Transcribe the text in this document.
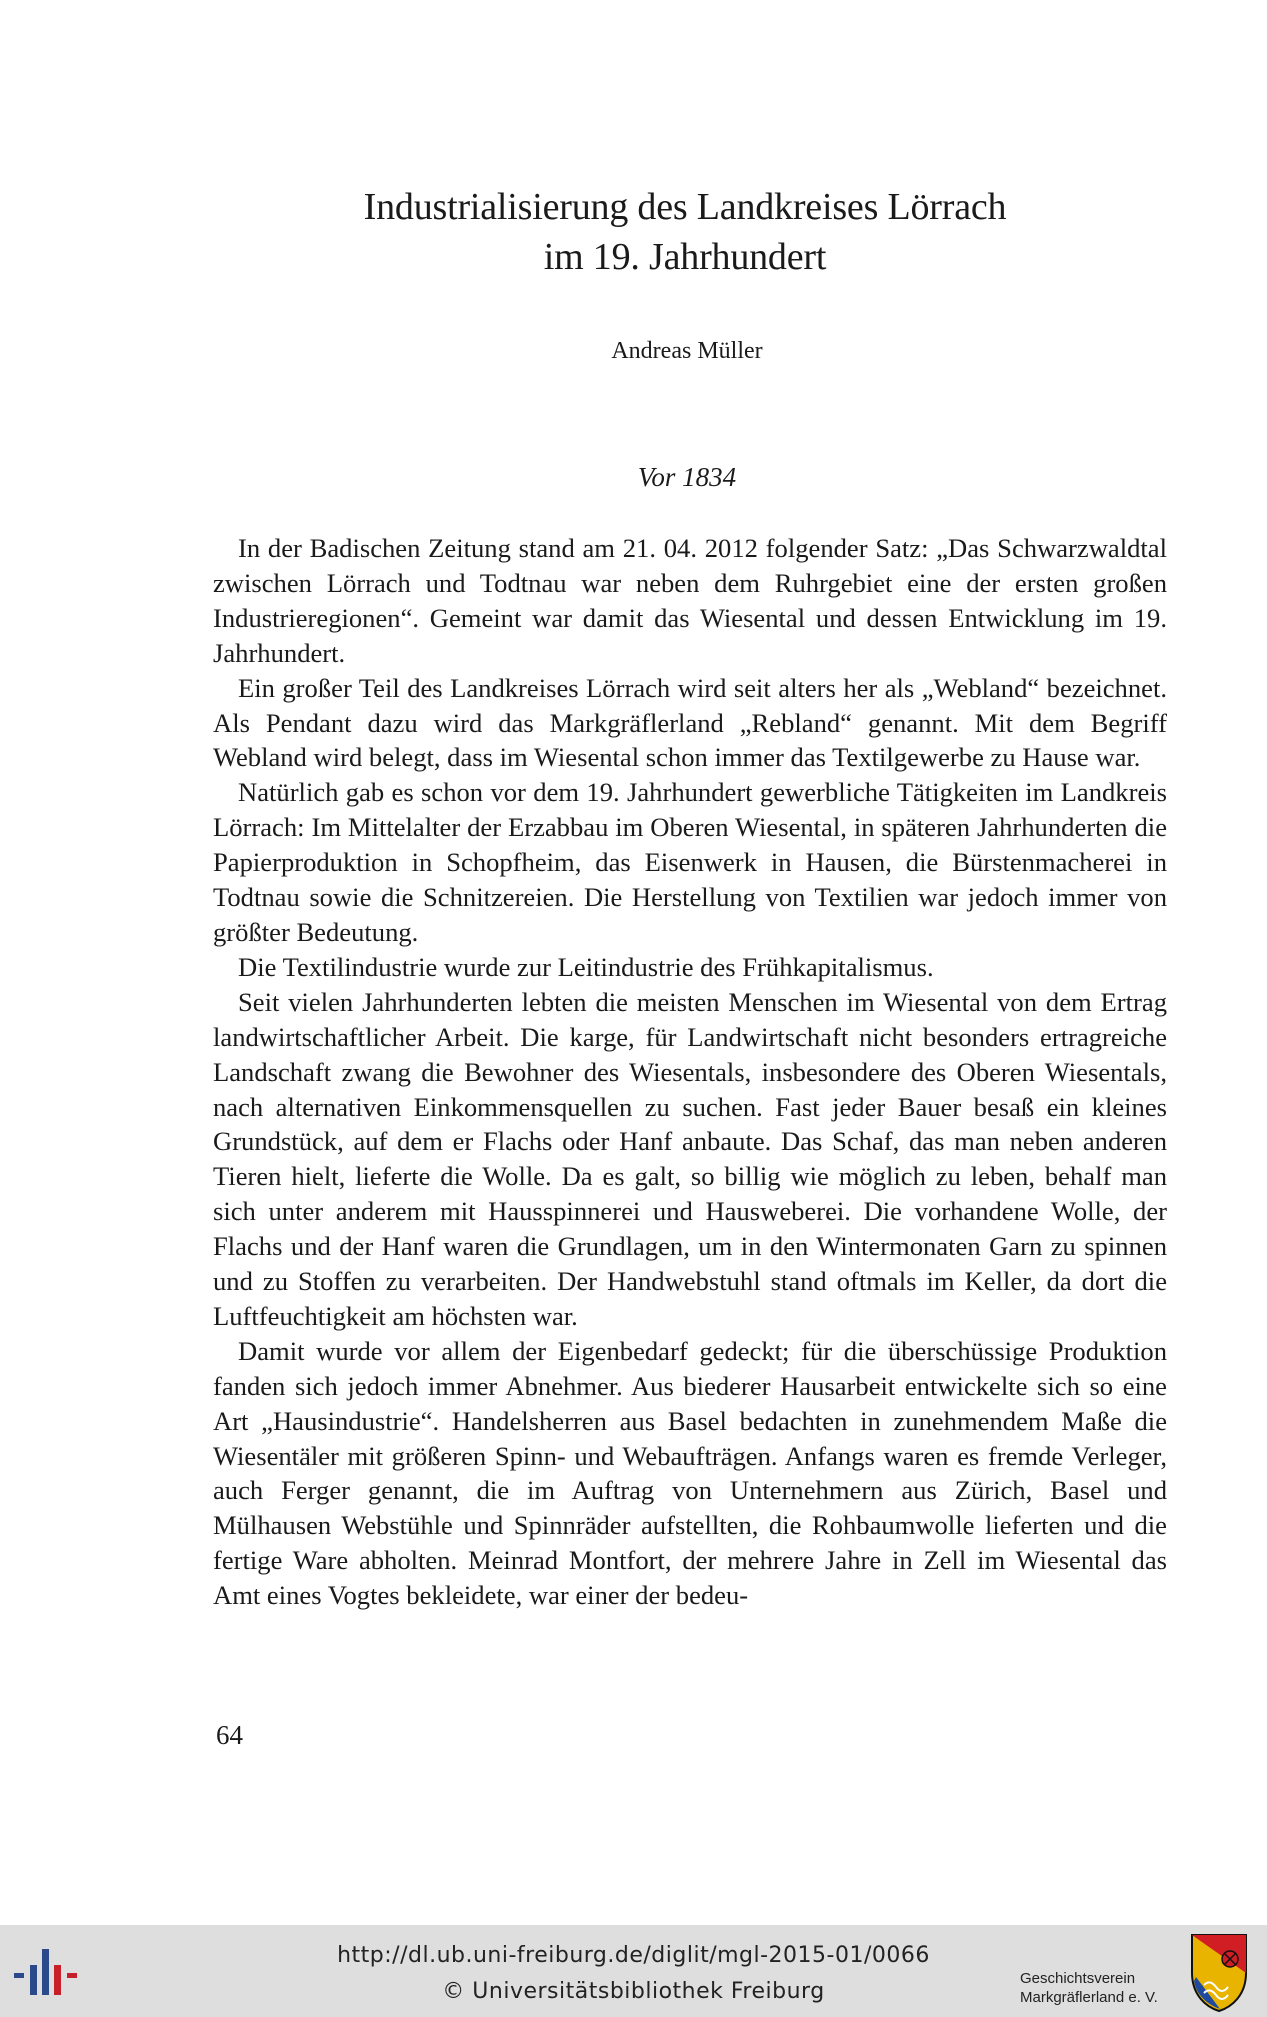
Industrialisierung des Landkreises Lörrach
im 19. Jahrhundert
Andreas Müller
Vor 1834

In der Badischen Zeitung stand am 21. 04. 2012 folgender Satz: „Das Schwarzwaldtal zwischen Lörrach und Todtnau war neben dem Ruhrgebiet eine der ersten großen Industrieregionen“. Gemeint war damit das Wiesental und dessen Entwicklung im 19. Jahrhundert.

Ein großer Teil des Landkreises Lörrach wird seit alters her als „Webland“ bezeichnet. Als Pendant dazu wird das Markgräflerland „Rebland“ genannt. Mit dem Begriff Webland wird belegt, dass im Wiesental schon immer das Textilgewerbe zu Hause war.

Natürlich gab es schon vor dem 19. Jahrhundert gewerbliche Tätigkeiten im Landkreis Lörrach: Im Mittelalter der Erzabbau im Oberen Wiesental, in späteren Jahrhunderten die Papierproduktion in Schopfheim, das Eisenwerk in Hausen, die Bürstenmacherei in Todtnau sowie die Schnitzereien. Die Herstellung von Textilien war jedoch immer von größter Bedeutung.

Die Textilindustrie wurde zur Leitindustrie des Frühkapitalismus.

Seit vielen Jahrhunderten lebten die meisten Menschen im Wiesental von dem Ertrag landwirtschaftlicher Arbeit. Die karge, für Landwirtschaft nicht besonders ertragreiche Landschaft zwang die Bewohner des Wiesentals, insbesondere des Oberen Wiesentals, nach alternativen Einkommensquellen zu suchen. Fast jeder Bauer besaß ein kleines Grundstück, auf dem er Flachs oder Hanf anbaute. Das Schaf, das man neben anderen Tieren hielt, lieferte die Wolle. Da es galt, so billig wie möglich zu leben, behalf man sich unter anderem mit Hausspinnerei und Hausweberei. Die vorhandene Wolle, der Flachs und der Hanf waren die Grundlagen, um in den Wintermonaten Garn zu spinnen und zu Stoffen zu verarbeiten. Der Handwebstuhl stand oftmals im Keller, da dort die Luftfeuchtigkeit am höchsten war.

Damit wurde vor allem der Eigenbedarf gedeckt; für die überschüssige Produktion fanden sich jedoch immer Abnehmer. Aus biederer Hausarbeit entwickelte sich so eine Art „Hausindustrie“. Handelsherren aus Basel bedachten in zunehmendem Maße die Wiesentäler mit größeren Spinn- und Webaufträgen. Anfangs waren es fremde Verleger, auch Ferger genannt, die im Auftrag von Unternehmern aus Zürich, Basel und Mülhausen Webstühle und Spinnräder aufstellten, die Rohbaumwolle lieferten und die fertige Ware abholten. Meinrad Montfort, der mehrere Jahre in Zell im Wiesental das Amt eines Vogtes bekleidete, war einer der bedeu-

64
http://dl.ub.uni-freiburg.de/diglit/mgl-2015-01/0066
© Universitätsbibliothek Freiburg
Geschichtsverein
Markgräflerland e. V.
